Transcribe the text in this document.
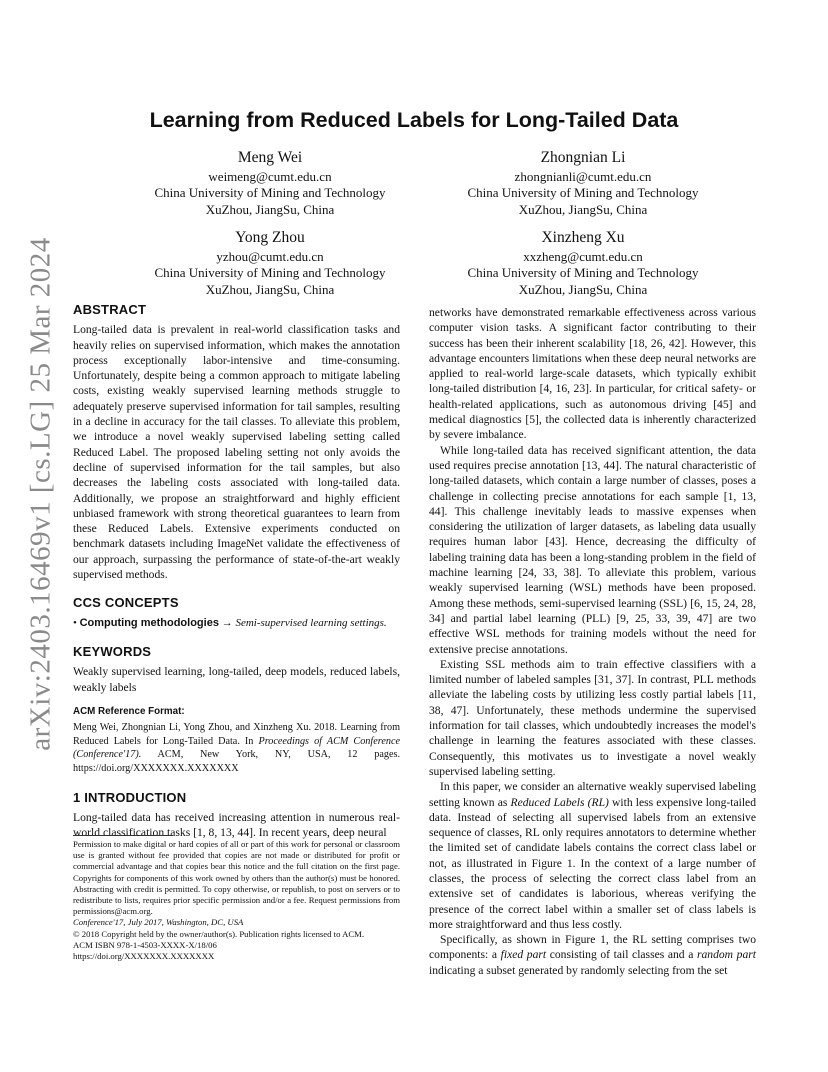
arXiv:2403.16469v1 [cs.LG] 25 Mar 2024
Learning from Reduced Labels for Long-Tailed Data
Meng Wei
weimeng@cumt.edu.cn
China University of Mining and Technology
XuZhou, JiangSu, China
Zhongnian Li
zhongnianli@cumt.edu.cn
China University of Mining and Technology
XuZhou, JiangSu, China
Yong Zhou
yzhou@cumt.edu.cn
China University of Mining and Technology
XuZhou, JiangSu, China
Xinzheng Xu
xxzheng@cumt.edu.cn
China University of Mining and Technology
XuZhou, JiangSu, China
ABSTRACT

Long-tailed data is prevalent in real-world classification tasks and heavily relies on supervised information, which makes the annotation process exceptionally labor-intensive and time-consuming. Unfortunately, despite being a common approach to mitigate labeling costs, existing weakly supervised learning methods struggle to adequately preserve supervised information for tail samples, resulting in a decline in accuracy for the tail classes. To alleviate this problem, we introduce a novel weakly supervised labeling setting called Reduced Label. The proposed labeling setting not only avoids the decline of supervised information for the tail samples, but also decreases the labeling costs associated with long-tailed data. Additionally, we propose an straightforward and highly efficient unbiased framework with strong theoretical guarantees to learn from these Reduced Labels. Extensive experiments conducted on benchmark datasets including ImageNet validate the effectiveness of our approach, surpassing the performance of state-of-the-art weakly supervised methods.

CCS CONCEPTS

• Computing methodologies → Semi-supervised learning settings.

KEYWORDS

Weakly supervised learning, long-tailed, deep models, reduced labels, weakly labels

ACM Reference Format:

Meng Wei, Zhongnian Li, Yong Zhou, and Xinzheng Xu. 2018. Learning from Reduced Labels for Long-Tailed Data. In Proceedings of ACM Conference (Conference'17). ACM, New York, NY, USA, 12 pages. https://doi.org/XXXXXXX.XXXXXXX

1 INTRODUCTION

Long-tailed data has received increasing attention in numerous real-world classification tasks [1, 8, 13, 44]. In recent years, deep neural

Permission to make digital or hard copies of all or part of this work for personal or classroom use is granted without fee provided that copies are not made or distributed for profit or commercial advantage and that copies bear this notice and the full citation on the first page. Copyrights for components of this work owned by others than the author(s) must be honored. Abstracting with credit is permitted. To copy otherwise, or republish, to post on servers or to redistribute to lists, requires prior specific permission and/or a fee. Request permissions from permissions@acm.org.

Conference'17, July 2017, Washington, DC, USA

© 2018 Copyright held by the owner/author(s). Publication rights licensed to ACM.

ACM ISBN 978-1-4503-XXXX-X/18/06

https://doi.org/XXXXXXX.XXXXXXX

networks have demonstrated remarkable effectiveness across various computer vision tasks. A significant factor contributing to their success has been their inherent scalability [18, 26, 42]. However, this advantage encounters limitations when these deep neural networks are applied to real-world large-scale datasets, which typically exhibit long-tailed distribution [4, 16, 23]. In particular, for critical safety- or health-related applications, such as autonomous driving [45] and medical diagnostics [5], the collected data is inherently characterized by severe imbalance.

While long-tailed data has received significant attention, the data used requires precise annotation [13, 44]. The natural characteristic of long-tailed datasets, which contain a large number of classes, poses a challenge in collecting precise annotations for each sample [1, 13, 44]. This challenge inevitably leads to massive expenses when considering the utilization of larger datasets, as labeling data usually requires human labor [43]. Hence, decreasing the difficulty of labeling training data has been a long-standing problem in the field of machine learning [24, 33, 38]. To alleviate this problem, various weakly supervised learning (WSL) methods have been proposed. Among these methods, semi-supervised learning (SSL) [6, 15, 24, 28, 34] and partial label learning (PLL) [9, 25, 33, 39, 47] are two effective WSL methods for training models without the need for extensive precise annotations.

Existing SSL methods aim to train effective classifiers with a limited number of labeled samples [31, 37]. In contrast, PLL methods alleviate the labeling costs by utilizing less costly partial labels [11, 38, 47]. Unfortunately, these methods undermine the supervised information for tail classes, which undoubtedly increases the model's challenge in learning the features associated with these classes. Consequently, this motivates us to investigate a novel weakly supervised labeling setting.

In this paper, we consider an alternative weakly supervised labeling setting known as Reduced Labels (RL) with less expensive long-tailed data. Instead of selecting all supervised labels from an extensive sequence of classes, RL only requires annotators to determine whether the limited set of candidate labels contains the correct class label or not, as illustrated in Figure 1. In the context of a large number of classes, the process of selecting the correct class label from an extensive set of candidates is laborious, whereas verifying the presence of the correct label within a smaller set of class labels is more straightforward and thus less costly.

Specifically, as shown in Figure 1, the RL setting comprises two components: a fixed part consisting of tail classes and a random part indicating a subset generated by randomly selecting from the set
